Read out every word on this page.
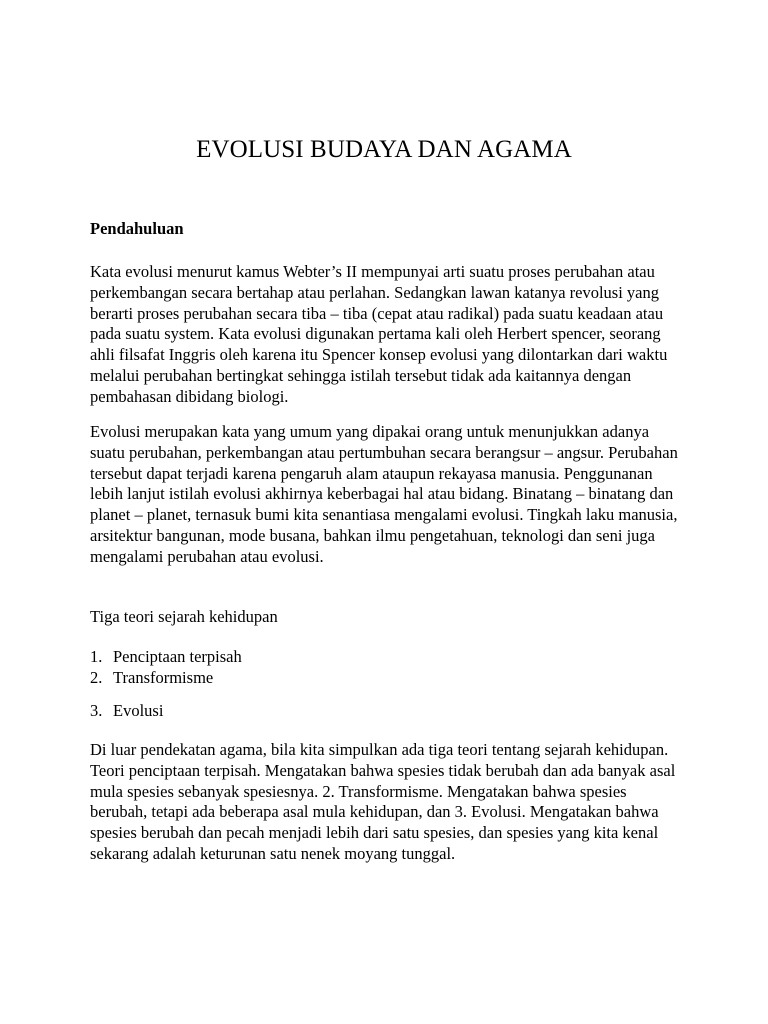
EVOLUSI BUDAYA DAN AGAMA
Pendahuluan

Kata evolusi menurut kamus Webter’s II mempunyai arti suatu proses perubahan atau perkembangan secara bertahap atau perlahan. Sedangkan lawan katanya revolusi yang berarti proses perubahan secara tiba – tiba (cepat atau radikal) pada suatu keadaan atau pada suatu system. Kata evolusi digunakan pertama kali oleh Herbert spencer, seorang ahli filsafat Inggris oleh karena itu Spencer konsep evolusi yang dilontarkan dari waktu melalui perubahan bertingkat sehingga istilah tersebut tidak ada kaitannya dengan pembahasan dibidang biologi.

Evolusi merupakan kata yang umum yang dipakai orang untuk menunjukkan adanya suatu perubahan, perkembangan atau pertumbuhan secara berangsur – angsur. Perubahan tersebut dapat terjadi karena pengaruh alam ataupun rekayasa manusia. Penggunanan lebih lanjut istilah evolusi akhirnya keberbagai hal atau bidang. Binatang – binatang dan planet – planet, ternasuk bumi kita senantiasa mengalami evolusi. Tingkah laku manusia, arsitektur bangunan, mode busana, bahkan ilmu pengetahuan, teknologi dan seni juga mengalami perubahan atau evolusi.

Tiga teori sejarah kehidupan

1. Penciptaan terpisah
2. Transformisme
3. Evolusi

Di luar pendekatan agama, bila kita simpulkan ada tiga teori tentang sejarah kehidupan. Teori penciptaan terpisah. Mengatakan bahwa spesies tidak berubah dan ada banyak asal mula spesies sebanyak spesiesnya. 2. Transformisme. Mengatakan bahwa spesies berubah, tetapi ada beberapa asal mula kehidupan, dan 3. Evolusi. Mengatakan bahwa spesies berubah dan pecah menjadi lebih dari satu spesies, dan spesies yang kita kenal sekarang adalah keturunan satu nenek moyang tunggal.
